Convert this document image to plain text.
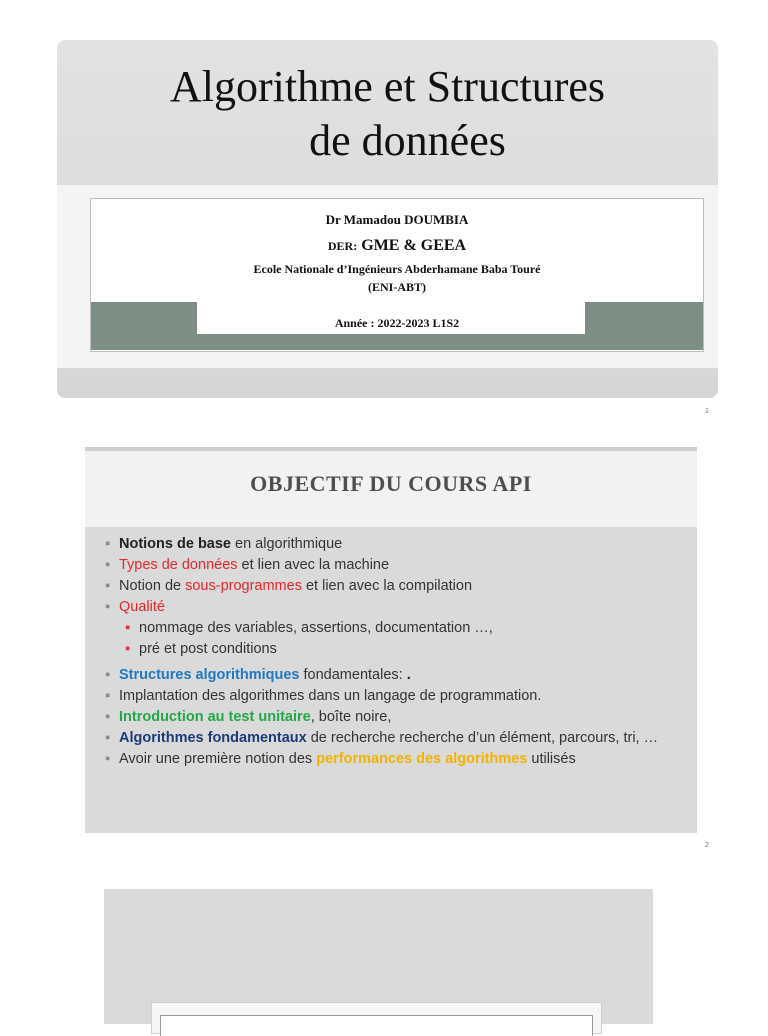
Algorithme et Structures
de données
Dr Mamadou DOUMBIA
DER: GME & GEEA
Ecole Nationale d’Ingénieurs Abderhamane Baba Touré
(ENI-ABT)
Année : 2022-2023 L1S2
1
OBJECTIF DU COURS API
▪ Notions de base en algorithmique
▪ Types de données et lien avec la machine
▪ Notion de sous-programmes et lien avec la compilation
▪ Qualité
▪ nommage des variables, assertions, documentation …,
▪ pré et post conditions
▪ Structures algorithmiques fondamentales: .
▪ Implantation des algorithmes dans un langage de programmation.
▪ Introduction au test unitaire, boîte noire,
▪ Algorithmes fondamentaux de recherche recherche d’un élément, parcours, tri, …
▪ Avoir une première notion des performances des algorithmes utilisés
2
